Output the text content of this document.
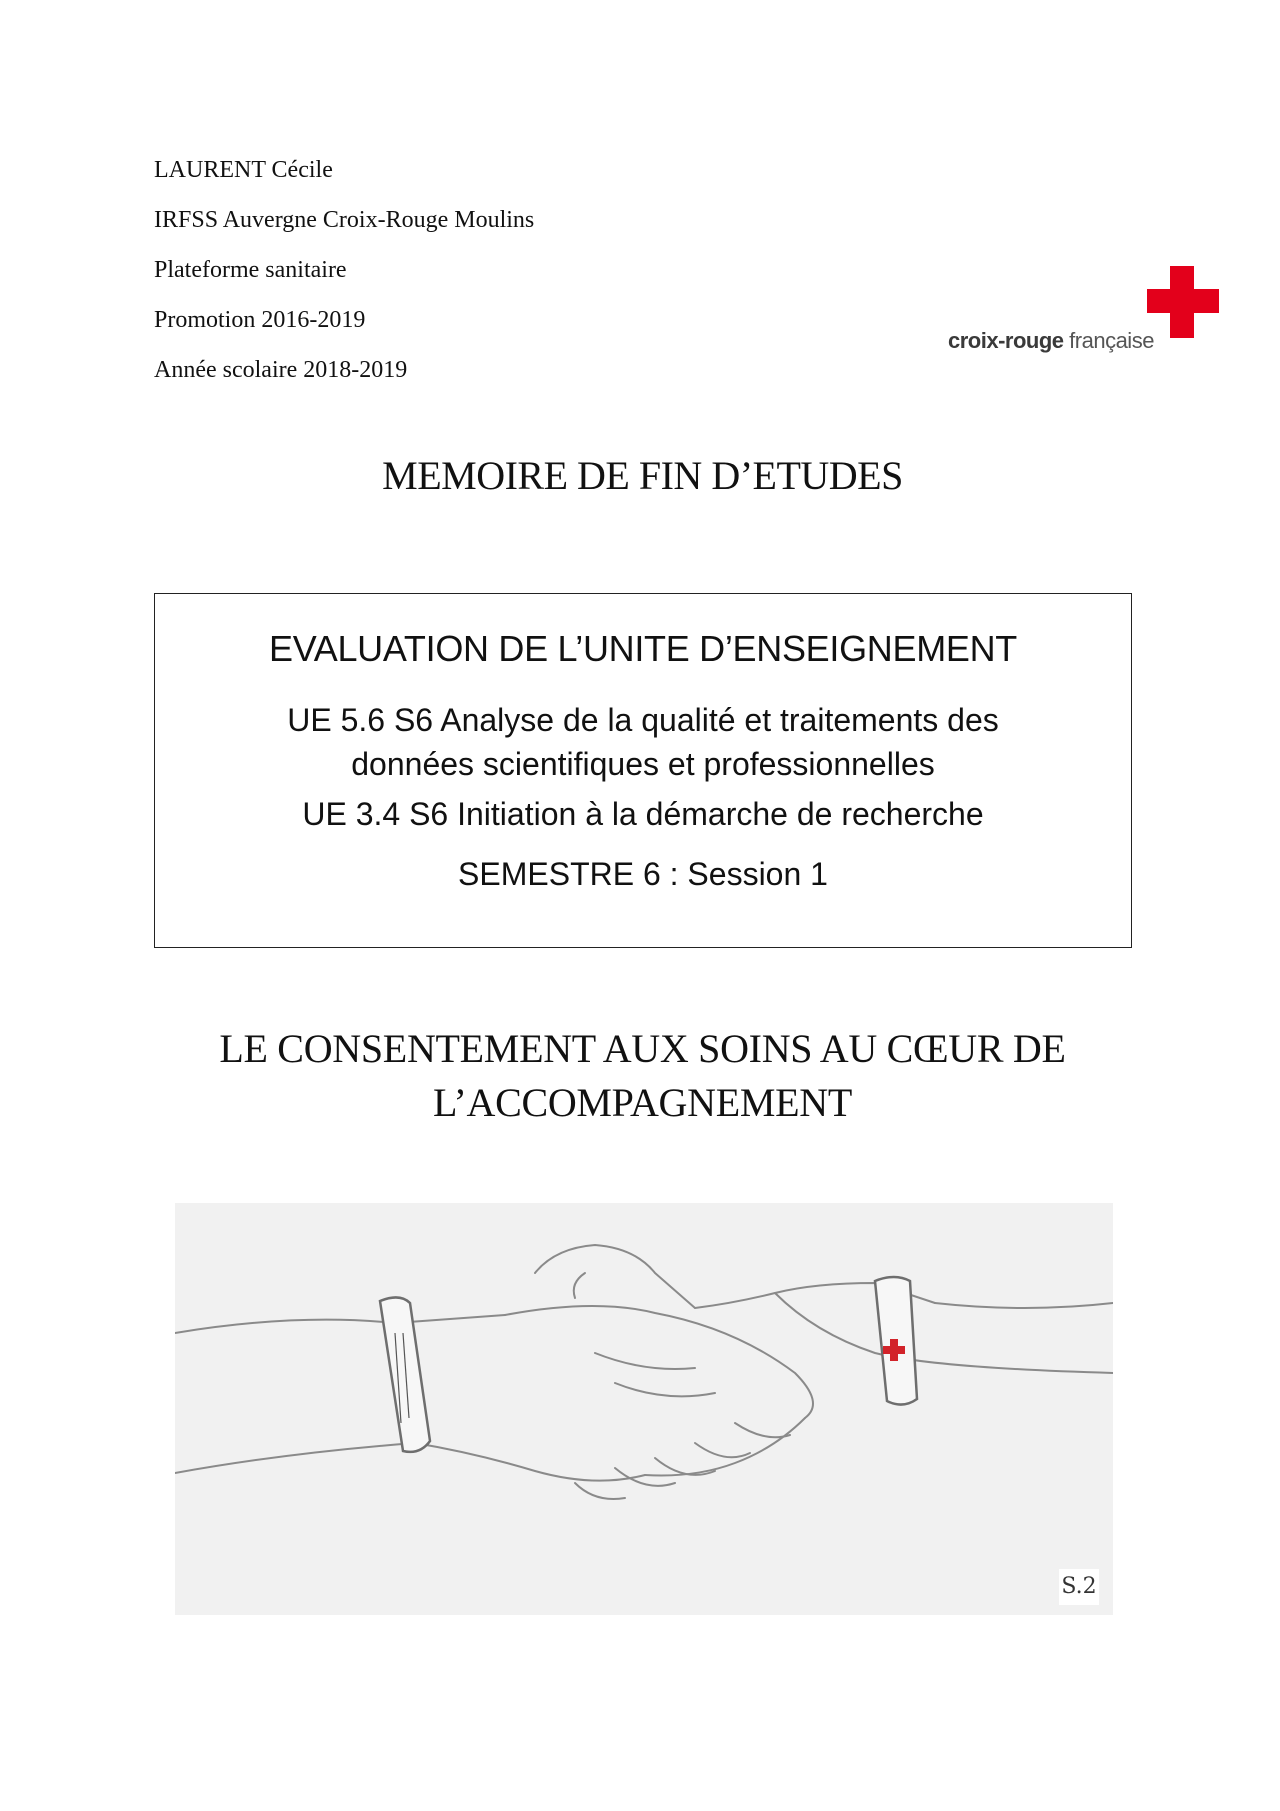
LAURENT Cécile
IRFSS Auvergne Croix-Rouge Moulins
Plateforme sanitaire
Promotion 2016-2019
Année scolaire 2018-2019
croix-rouge française
MEMOIRE DE FIN D’ETUDES
EVALUATION DE L’UNITE D’ENSEIGNEMENT
UE 5.6 S6 Analyse de la qualité et traitements des
données scientifiques et professionnelles
UE 3.4 S6 Initiation à la démarche de recherche
SEMESTRE 6 : Session 1
LE CONSENTEMENT AUX SOINS AU CŒUR DE
L’ACCOMPAGNEMENT
S.2
